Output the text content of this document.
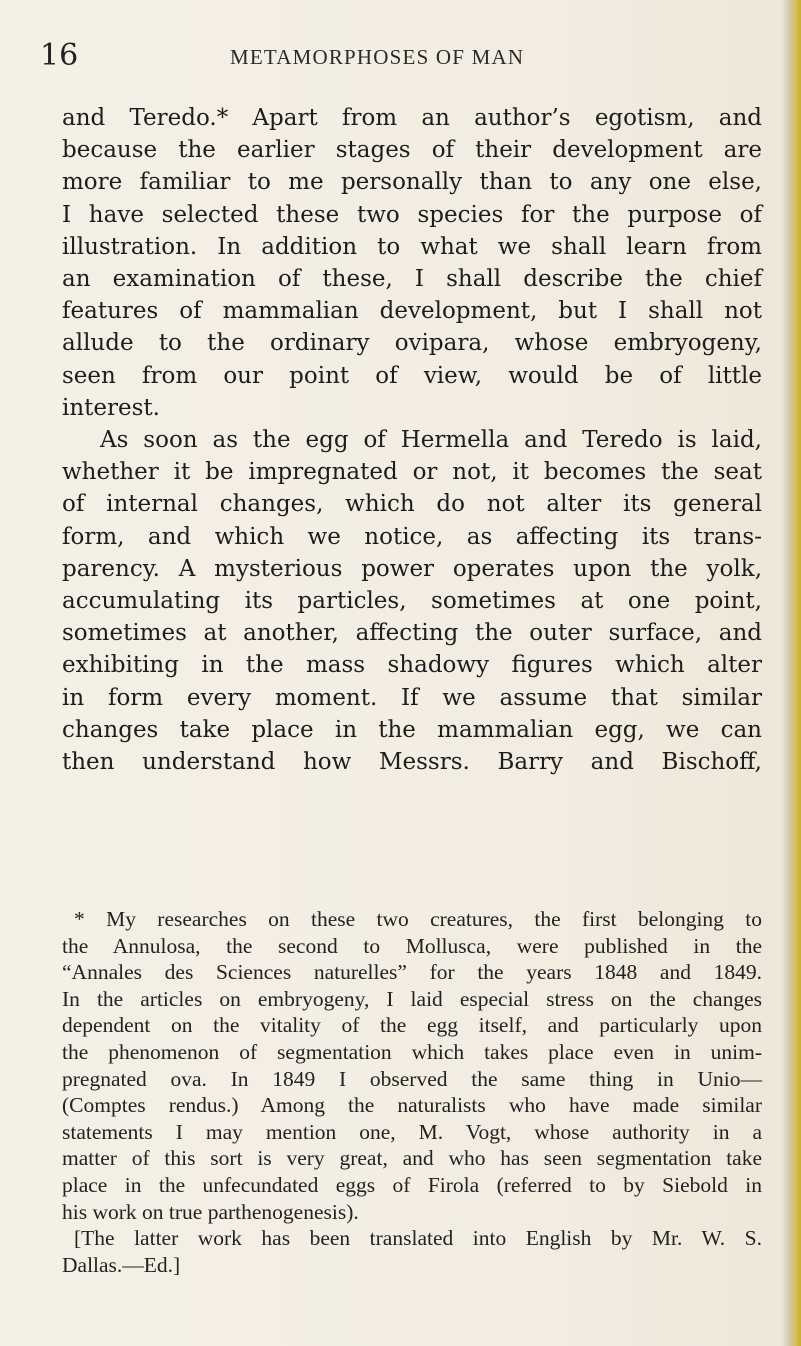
16	METAMORPHOSES OF MAN
and Teredo.* Apart from an author’s egotism, and
because the earlier stages of their development are
more familiar to me personally than to any one else,
I have selected these two species for the purpose of
illustration. In addition to what we shall learn from
an examination of these, I shall describe the chief
features of mammalian development, but I shall not
allude to the ordinary ovipara, whose embryogeny,
seen from our point of view, would be of little
interest.
As soon as the egg of Hermella and Teredo is laid,
whether it be impregnated or not, it becomes the seat
of internal changes, which do not alter its general
form, and which we notice, as affecting its trans-
parency. A mysterious power operates upon the yolk,
accumulating its particles, sometimes at one point,
sometimes at another, affecting the outer surface, and
exhibiting in the mass shadowy figures which alter
in form every moment. If we assume that similar
changes take place in the mammalian egg, we can
then understand how Messrs. Barry and Bischoff,
* My researches on these two creatures, the first belonging to
the Annulosa, the second to Mollusca, were published in the
“Annales des Sciences naturelles” for the years 1848 and 1849.
In the articles on embryogeny, I laid especial stress on the changes
dependent on the vitality of the egg itself, and particularly upon
the phenomenon of segmentation which takes place even in unim-
pregnated ova. In 1849 I observed the same thing in Unio—
(Comptes rendus.) Among the naturalists who have made similar
statements I may mention one, M. Vogt, whose authority in a
matter of this sort is very great, and who has seen segmentation take
place in the unfecundated eggs of Firola (referred to by Siebold in
his work on true parthenogenesis).
[The latter work has been translated into English by Mr. W. S.
Dallas.—Ed.]
